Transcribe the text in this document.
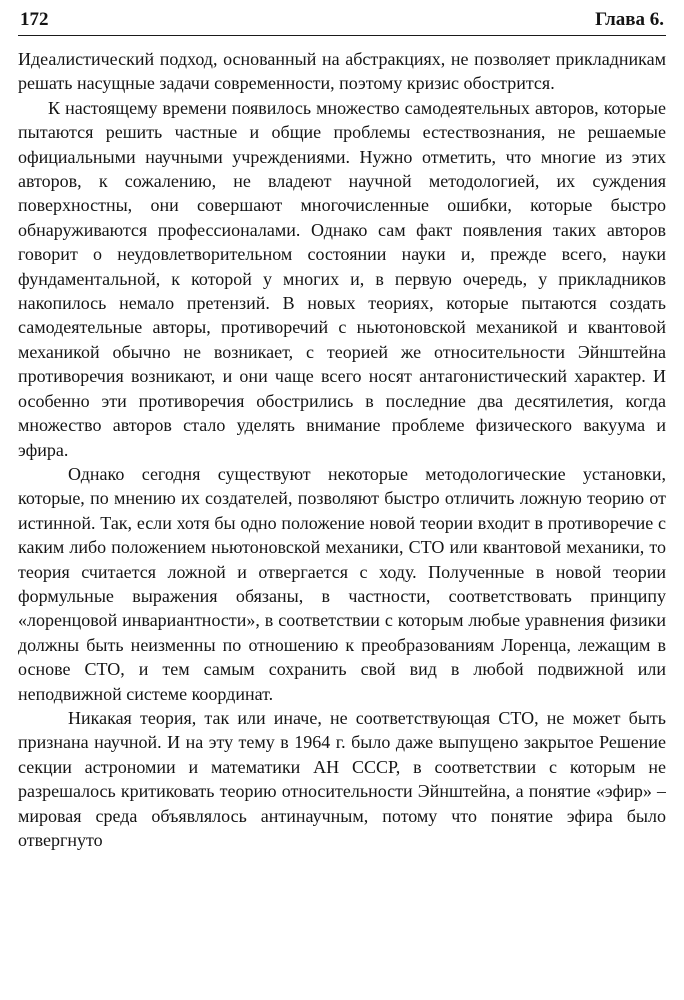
172	Глава 6.

Идеалистический подход, основанный на абстракциях, не позволяет прикладникам решать насущные задачи современности, поэтому кризис обострится.

К настоящему времени появилось множество самодеятельных авторов, которые пытаются решить частные и общие проблемы естествознания, не решаемые официальными научными учреждениями. Нужно отметить, что многие из этих авторов, к сожалению, не владеют научной методологией, их суждения поверхностны, они совершают многочисленные ошибки, которые быстро обнаруживаются профессионалами. Однако сам факт появления таких авторов говорит о неудовлетворительном состоянии науки и, прежде всего, науки фундаментальной, к которой у многих и, в первую очередь, у прикладников накопилось немало претензий. В новых теориях, которые пытаются создать самодеятельные авторы, противоречий с ньютоновской механикой и квантовой механикой обычно не возникает, с теорией же относительности Эйнштейна противоречия возникают, и они чаще всего носят антагонистический характер. И особенно эти противоречия обострились в последние два десятилетия, когда множество авторов стало уделять внимание проблеме физического вакуума и эфира.

Однако сегодня существуют некоторые методологические установки, которые, по мнению их создателей, позволяют быстро отличить ложную теорию от истинной. Так, если хотя бы одно положение новой теории входит в противоречие с каким либо положением ньютоновской механики, СТО или квантовой механики, то теория считается ложной и отвергается с ходу. Полученные в новой теории формульные выражения обязаны, в частности, соответствовать принципу «лоренцовой инвариантности», в соответствии с которым любые уравнения физики должны быть неизменны по отношению к преобразованиям Лоренца, лежащим в основе СТО, и тем самым сохранить свой вид в любой подвижной или неподвижной системе координат.

Никакая теория, так или иначе, не соответствующая СТО, не может быть признана научной. И на эту тему в 1964 г. было даже выпущено закрытое Решение секции астрономии и математики АН СССР, в соответствии с которым не разрешалось критиковать теорию относительности Эйнштейна, а понятие «эфир» – мировая среда объявлялось антинаучным, потому что понятие эфира было отвергнуто
